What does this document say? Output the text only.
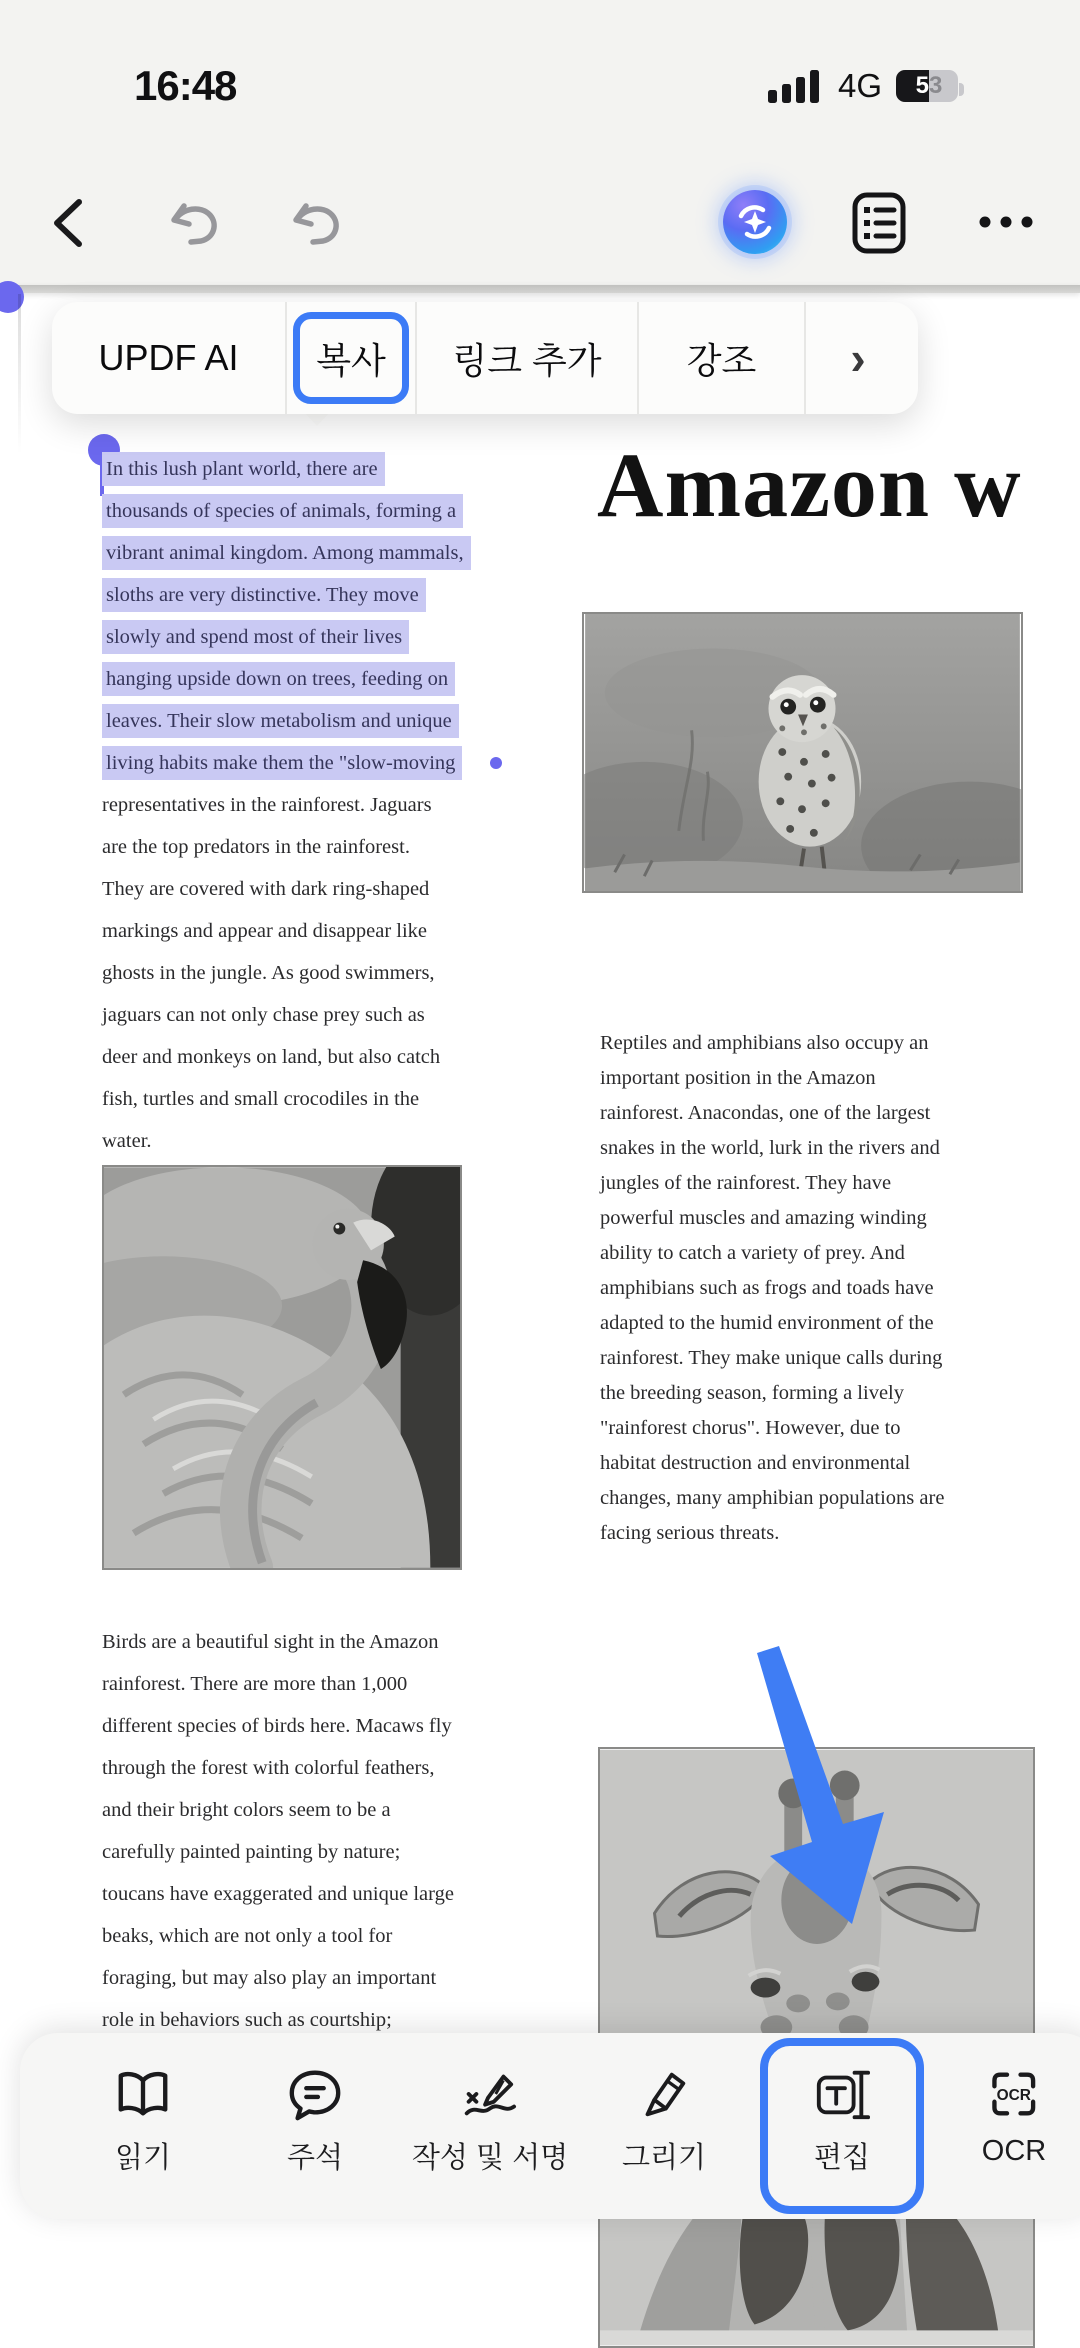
16:48	4G 5 3
UPDF AI 복사 링크 추가 강조 ›
Amazon w
In this lush plant world, there are
thousands of species of animals, forming a
vibrant animal kingdom. Among mammals,
sloths are very distinctive. They move
slowly and spend most of their lives
hanging upside down on trees, feeding on
leaves. Their slow metabolism and unique
living habits make them the "slow-moving
representatives in the rainforest. Jaguars
are the top predators in the rainforest.
They are covered with dark ring-shaped
markings and appear and disappear like
ghosts in the jungle. As good swimmers,
jaguars can not only chase prey such as
deer and monkeys on land, but also catch
fish, turtles and small crocodiles in the
water.
Birds are a beautiful sight in the Amazon
rainforest. There are more than 1,000
different species of birds here. Macaws fly
through the forest with colorful feathers,
and their bright colors seem to be a
carefully painted painting by nature;
toucans have exaggerated and unique large
beaks, which are not only a tool for
foraging, but may also play an important
role in behaviors such as courtship;
Reptiles and amphibians also occupy an
important position in the Amazon
rainforest. Anacondas, one of the largest
snakes in the world, lurk in the rivers and
jungles of the rainforest. They have
powerful muscles and amazing winding
ability to catch a variety of prey. And
amphibians such as frogs and toads have
adapted to the humid environment of the
rainforest. They make unique calls during
the breeding season, forming a lively
"rainforest chorus". However, due to
habitat destruction and environmental
changes, many amphibian populations are
facing serious threats.
읽기	주석 작성 및 서명 그리기	편집
OCR
OCR
